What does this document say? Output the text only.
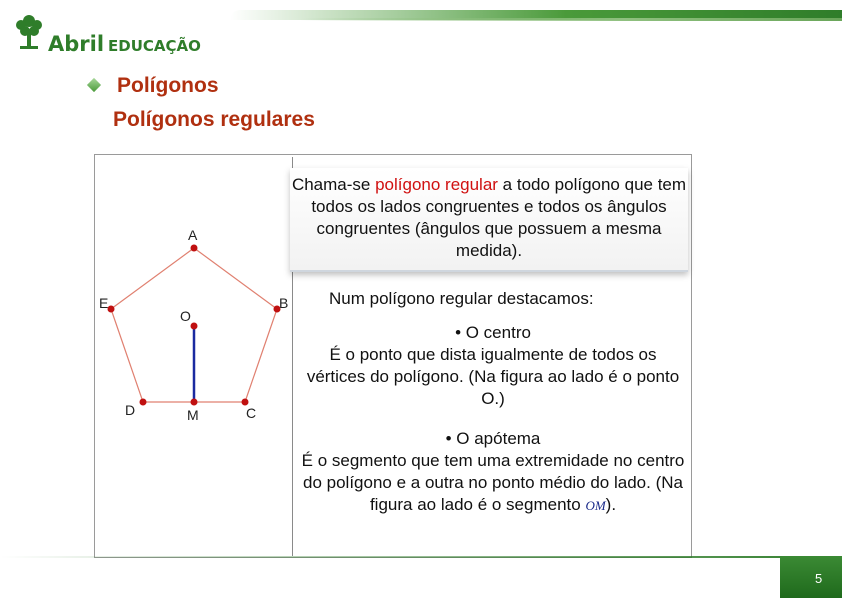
Abril EDUCAÇÃO
Polígonos
Polígonos regulares
A
B
C
D
E
O
M
Chama-se polígono regular a todo polígono que tem todos os lados congruentes e todos os ângulos congruentes (ângulos que possuem a mesma medida).
Num polígono regular destacamos:
• O centro
É o ponto que dista igualmente de todos os vértices do polígono. (Na figura ao lado é o ponto O.)
• O apótema
É o segmento que tem uma extremidade no centro do polígono e a outra no ponto médio do lado. (Na figura ao lado é o segmento OM).
5
